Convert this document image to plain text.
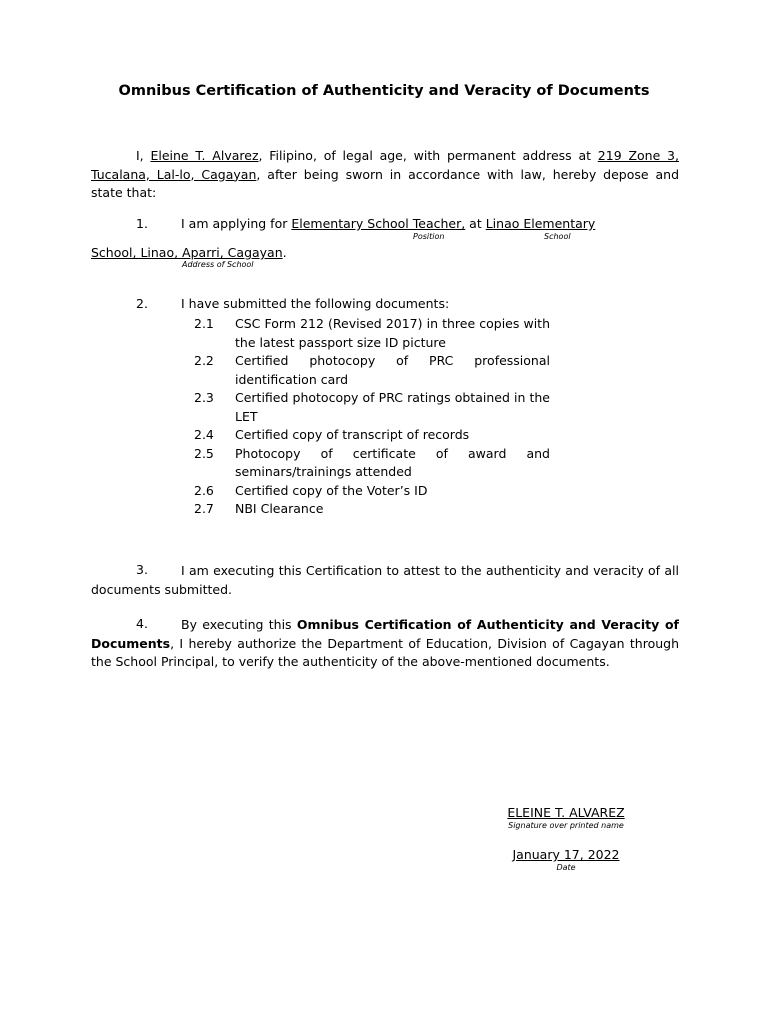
Omnibus Certification of Authenticity and Veracity of Documents
I, Eleine T. Alvarez, Filipino, of legal age, with permanent address at 219 Zone 3, Tucalana, Lal-lo, Cagayan, after being sworn in accordance with law, hereby depose and state that:
1.	I am applying for Elementary School Teacher, at Linao Elementary
Position	School
School, Linao, Aparri, Cagayan.
Address of School
2.	I have submitted the following documents:
2.1	CSC Form 212 (Revised 2017) in three copies with the latest passport size ID picture
2.2	Certified photocopy of PRC professional identification card
2.3	Certified photocopy of PRC ratings obtained in the LET
2.4	Certified copy of transcript of records
2.5	Photocopy of certificate of award and seminars/trainings attended
2.6	Certified copy of the Voter’s ID
2.7	NBI Clearance
3.	I am executing this Certification to attest to the authenticity and veracity of all documents submitted.
4.	By executing this Omnibus Certification of Authenticity and Veracity of Documents, I hereby authorize the Department of Education, Division of Cagayan through the School Principal, to verify the authenticity of the above-mentioned documents.
ELEINE T. ALVAREZ
Signature over printed name
January 17, 2022
Date
